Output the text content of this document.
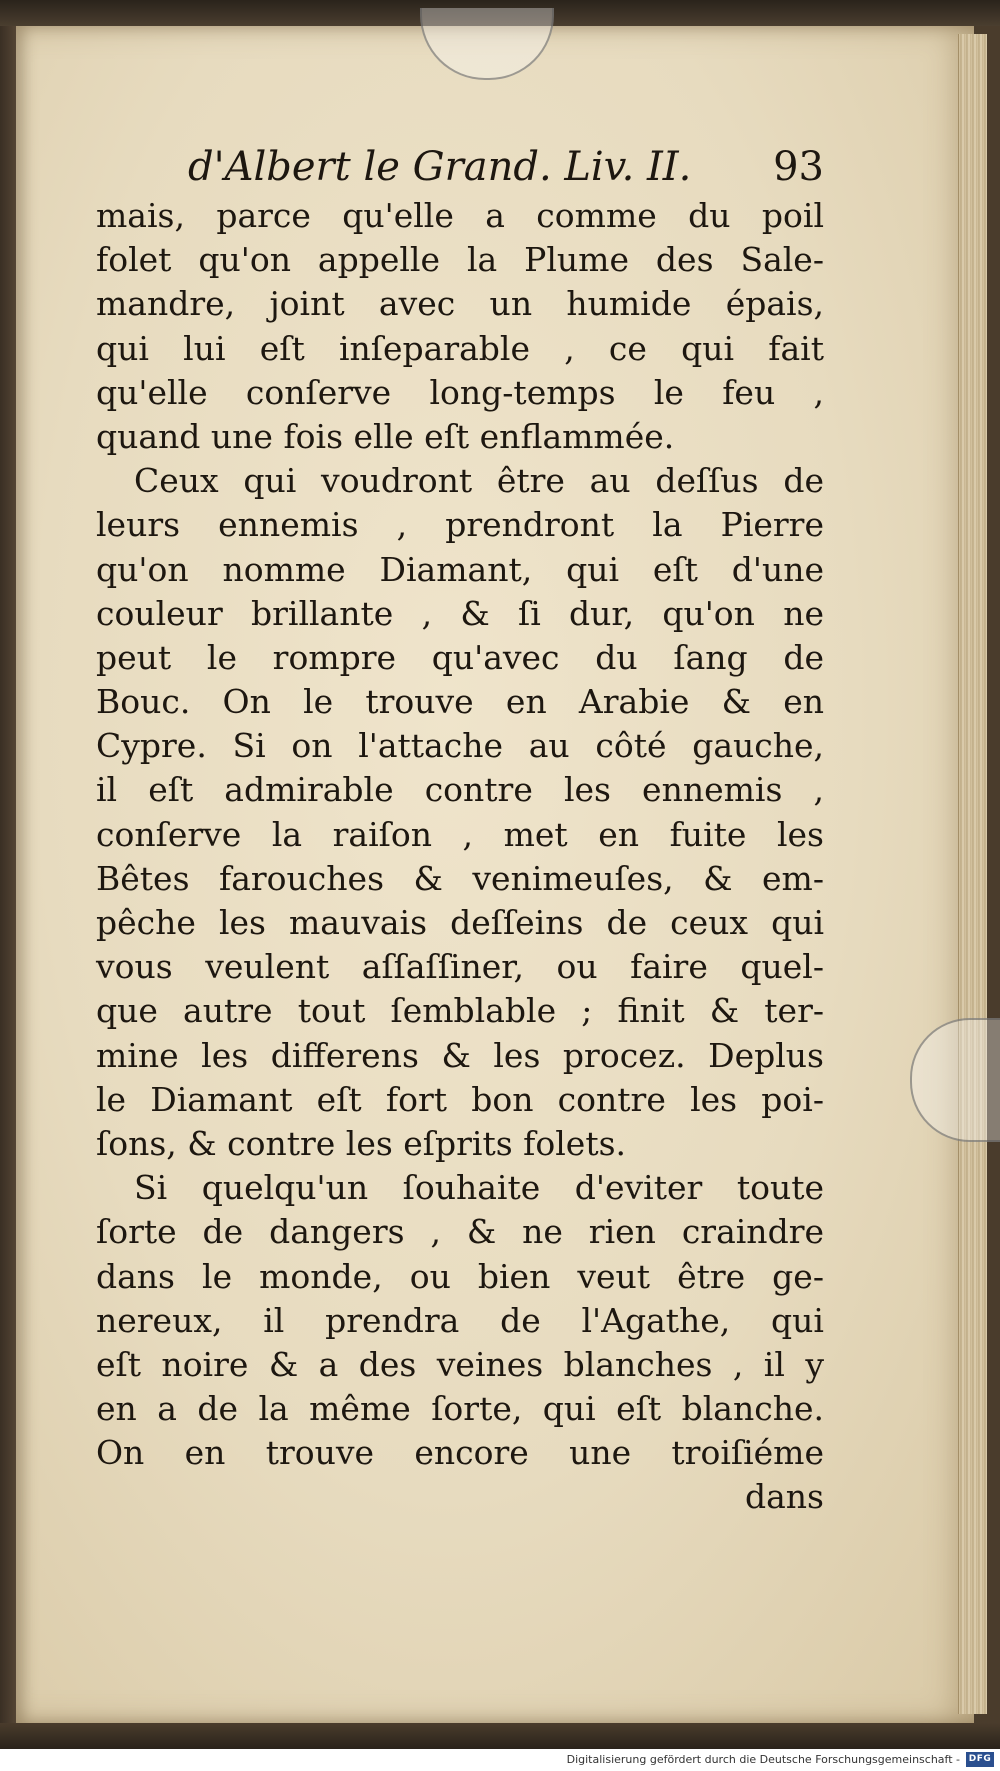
d'Albert le Grand. Liv. II. 93
mais, parce qu'elle a comme du poil
folet qu'on appelle la Plume des Sale-
mandre, joint avec un humide épais,
qui lui eſt inſeparable , ce qui fait
qu'elle conſerve long-temps le feu ,
quand une fois elle eſt enflammée.
Ceux qui voudront être au deſſus de
leurs ennemis , prendront la Pierre
qu'on nomme Diamant, qui eſt d'une
couleur brillante , & ſi dur, qu'on ne
peut le rompre qu'avec du ſang de
Bouc. On le trouve en Arabie & en
Cypre. Si on l'attache au côté gauche,
il eſt admirable contre les ennemis ,
conſerve la raiſon , met en fuite les
Bêtes farouches & venimeuſes, & em-
pêche les mauvais deſſeins de ceux qui
vous veulent aſſaſſiner, ou faire quel-
que autre tout ſemblable ; finit & ter-
mine les differens & les procez. Deplus
le Diamant eſt fort bon contre les poi-
ſons, & contre les eſprits folets.
Si quelqu'un ſouhaite d'eviter toute
ſorte de dangers , & ne rien craindre
dans le monde, ou bien veut être ge-
nereux, il prendra de l'Agathe, qui
eſt noire & a des veines blanches , il y
en a de la même ſorte, qui eſt blanche.
On en trouve encore une troiſiéme
dans
Digitalisierung gefördert durch die Deutsche Forschungsgemeinschaft - DFG
